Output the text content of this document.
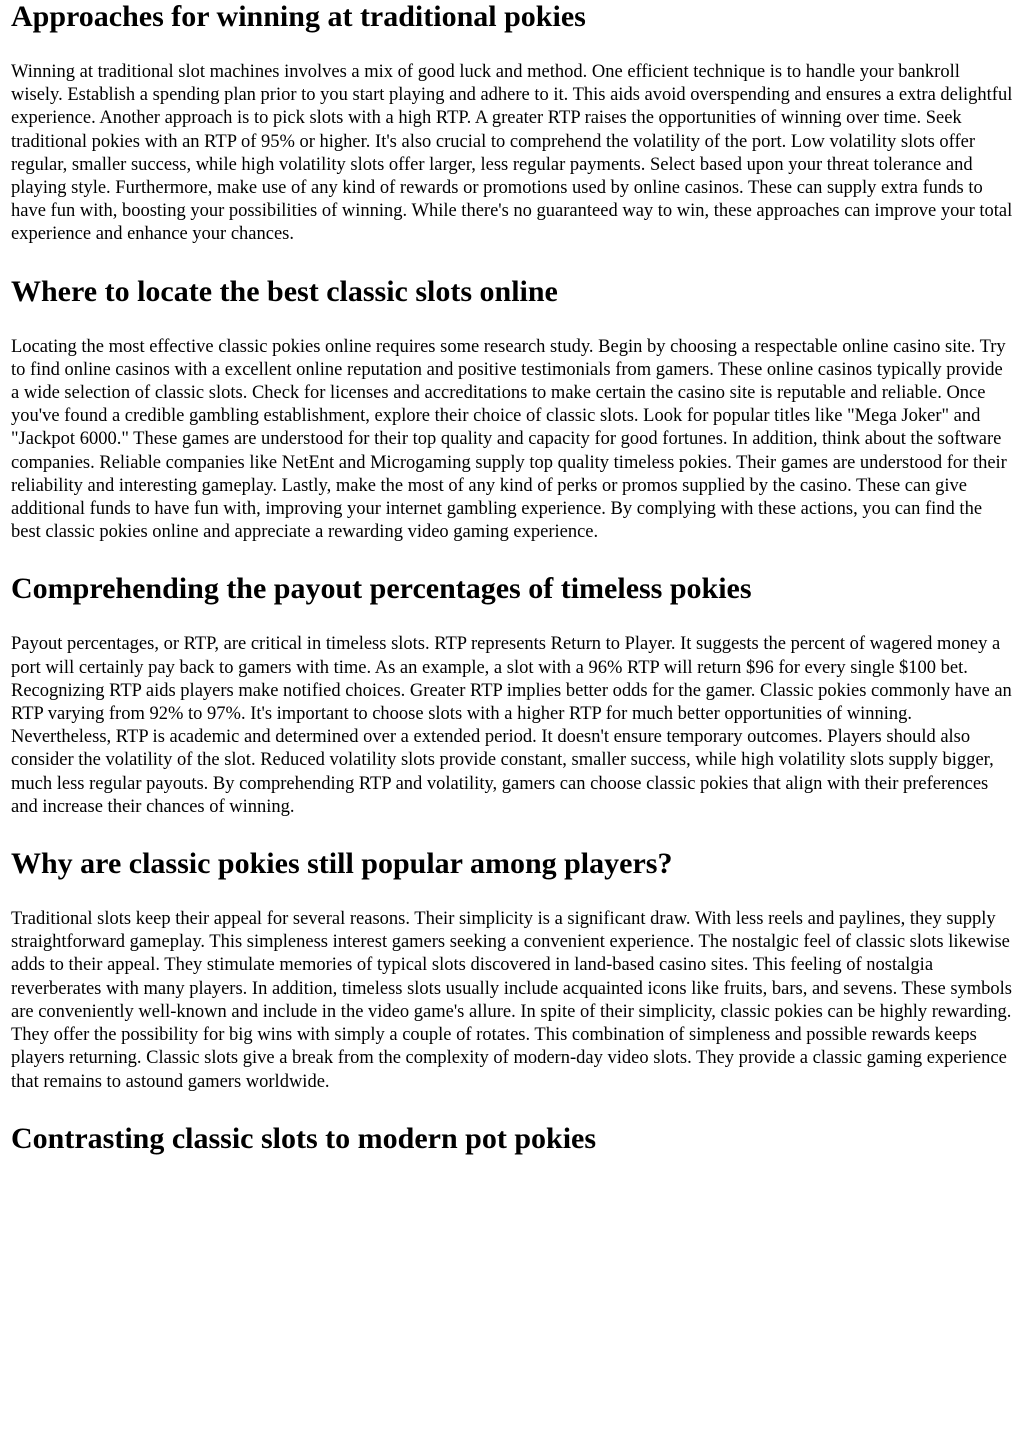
Approaches for winning at traditional pokies

Winning at traditional slot machines involves a mix of good luck and method. One efficient technique is to handle your bankroll wisely. Establish a spending plan prior to you start playing and adhere to it. This aids avoid overspending and ensures a extra delightful experience. Another approach is to pick slots with a high RTP. A greater RTP raises the opportunities of winning over time. Seek traditional pokies with an RTP of 95% or higher. It's also crucial to comprehend the volatility of the port. Low volatility slots offer regular, smaller success, while high volatility slots offer larger, less regular payments. Select based upon your threat tolerance and playing style. Furthermore, make use of any kind of rewards or promotions used by online casinos. These can supply extra funds to have fun with, boosting your possibilities of winning. While there's no guaranteed way to win, these approaches can improve your total experience and enhance your chances.

Where to locate the best classic slots online

Locating the most effective classic pokies online requires some research study. Begin by choosing a respectable online casino site. Try to find online casinos with a excellent online reputation and positive testimonials from gamers. These online casinos typically provide a wide selection of classic slots. Check for licenses and accreditations to make certain the casino site is reputable and reliable. Once you've found a credible gambling establishment, explore their choice of classic slots. Look for popular titles like "Mega Joker" and "Jackpot 6000." These games are understood for their top quality and capacity for good fortunes. In addition, think about the software companies. Reliable companies like NetEnt and Microgaming supply top quality timeless pokies. Their games are understood for their reliability and interesting gameplay. Lastly, make the most of any kind of perks or promos supplied by the casino. These can give additional funds to have fun with, improving your internet gambling experience. By complying with these actions, you can find the best classic pokies online and appreciate a rewarding video gaming experience.

Comprehending the payout percentages of timeless pokies

Payout percentages, or RTP, are critical in timeless slots. RTP represents Return to Player. It suggests the percent of wagered money a port will certainly pay back to gamers with time. As an example, a slot with a 96% RTP will return $96 for every single $100 bet. Recognizing RTP aids players make notified choices. Greater RTP implies better odds for the gamer. Classic pokies commonly have an RTP varying from 92% to 97%. It's important to choose slots with a higher RTP for much better opportunities of winning. Nevertheless, RTP is academic and determined over a extended period. It doesn't ensure temporary outcomes. Players should also consider the volatility of the slot. Reduced volatility slots provide constant, smaller success, while high volatility slots supply bigger, much less regular payouts. By comprehending RTP and volatility, gamers can choose classic pokies that align with their preferences and increase their chances of winning.

Why are classic pokies still popular among players?

Traditional slots keep their appeal for several reasons. Their simplicity is a significant draw. With less reels and paylines, they supply straightforward gameplay. This simpleness interest gamers seeking a convenient experience. The nostalgic feel of classic slots likewise adds to their appeal. They stimulate memories of typical slots discovered in land-based casino sites. This feeling of nostalgia reverberates with many players. In addition, timeless slots usually include acquainted icons like fruits, bars, and sevens. These symbols are conveniently well-known and include in the video game's allure. In spite of their simplicity, classic pokies can be highly rewarding. They offer the possibility for big wins with simply a couple of rotates. This combination of simpleness and possible rewards keeps players returning. Classic slots give a break from the complexity of modern-day video slots. They provide a classic gaming experience that remains to astound gamers worldwide.

Contrasting classic slots to modern pot pokies
